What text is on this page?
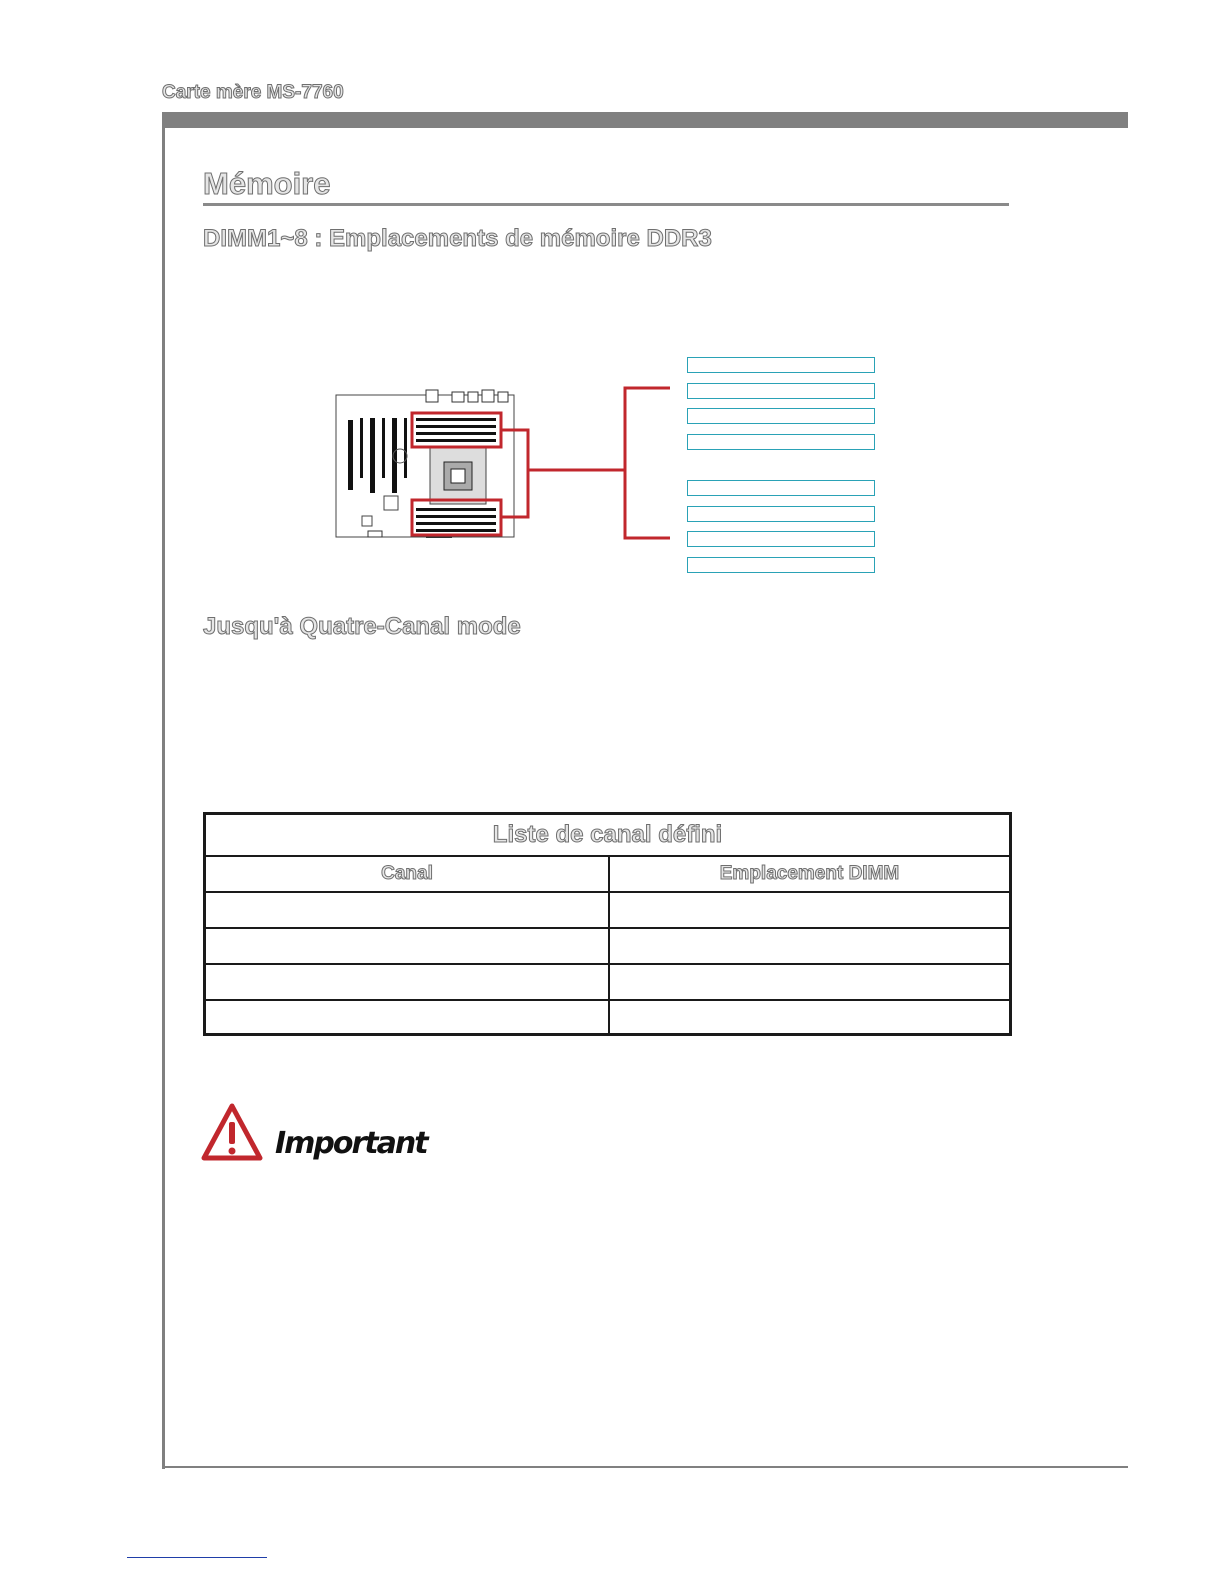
Carte mère MS-7760
Mémoire
DIMM1~8 : Emplacements de mémoire DDR3
Jusqu'à Quatre-Canal mode
Liste de canal défini
Canal	Emplacement DIMM
Important
